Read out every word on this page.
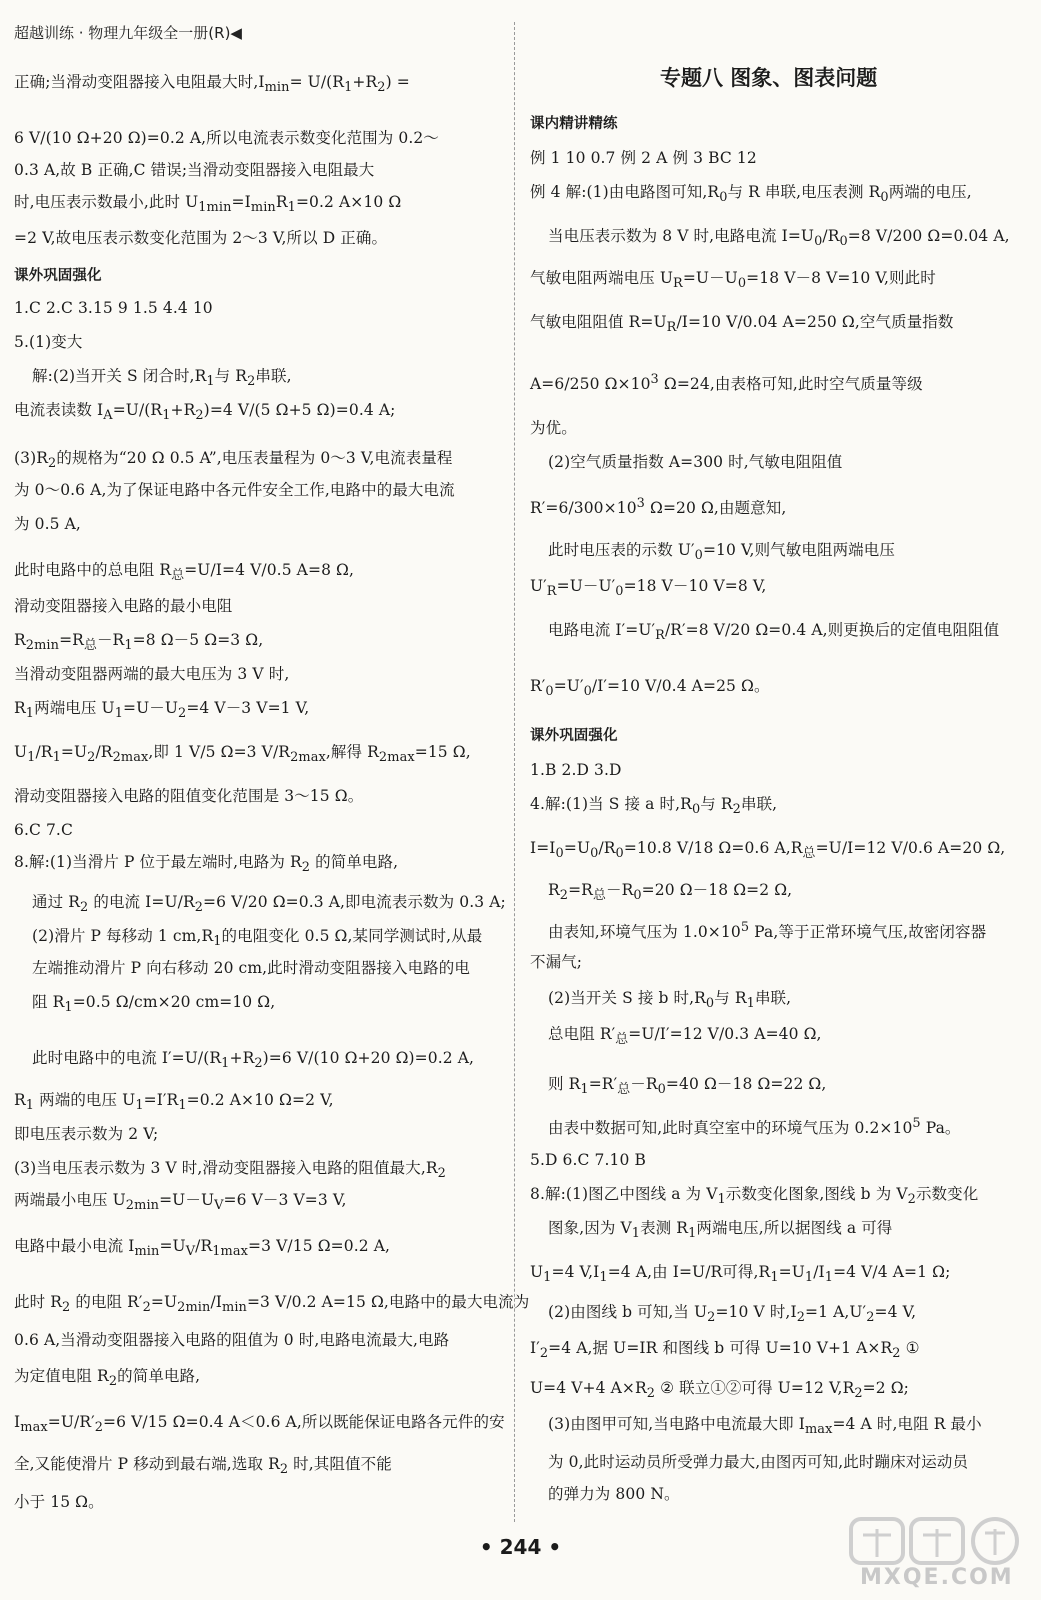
超越训练 · 物理九年级全一册(R)◀
正确;当滑动变阻器接入电阻最大时$,I_{min}= U/(R_1+R_2)$ =
6 V/(10 Ω+20 Ω)=0.2 A,所以电流表示数变化范围为 0.2～
0.3 A,故 B 正确,C 错误;当滑动变阻器接入电阻最大
时,电压表示数最小,此时 $U_{1min}=I_{min}R_1=0.2$ A×10 Ω
=2 V,故电压表示数变化范围为 2～3 V,所以 D 正确。
课外巩固强化
1.C 2.C 3.15 9 1.5 4.4 10
5.(1)变大
解:(2)当开关 S 闭合时$,R_1$与 $R_2$串联,
电流表读数 $I_A=U/(R_1+R_2)=4$ V/(5 Ω+5 Ω)=0.4 A;
$(3)R_2$的规格为“20 Ω 0.5 A”,电压表量程为 0～3 V,电流表量程
为 0～0.6 A,为了保证电路中各元件安全工作,电路中的最大电流
为 0.5 A,
此时电路中的总电阻 $R_总=U/I=4$ V/0.5 A=8 Ω,
滑动变阻器接入电路的最小电阻
$R_{2min}=R_总-R_1=8$ Ω－5 Ω=3 Ω,
当滑动变阻器两端的最大电压为 3 V 时,
$R_1$两端电压 $U_1=U-U_2=4$ V－3 V=1 V,
$U_1/R_1=U_2/R_{2max}$,即 1 V/5 Ω=3 $V/R_{2max}$,解得 $R_{2max}=15$ Ω,
滑动变阻器接入电路的阻值变化范围是 3～15 Ω。
6.C 7.C
8.解:(1)当滑片 P 位于最左端时,电路为 $R_2$ 的简单电路,
通过 $R_2$ 的电流 $I=U/R_2=6$ V/20 Ω=0.3 A,即电流表示数为 0.3 A;
(2)滑片 P 每移动 1 $cm,R_1$的电阻变化 0.5 Ω,某同学测试时,从最
左端推动滑片 P 向右移动 20 cm,此时滑动变阻器接入电路的电
阻 $R_1=0.5$ Ω/cm×20 cm=10 Ω,
此时电路中的电流 $I'=U/(R_1+R_2)=6$ V/(10 Ω+20 Ω)=0.2 A,
$R_1$ 两端的电压 $U_1=I'R_1=0.2$ A×10 Ω=2 V,
即电压表示数为 2 V;
(3)当电压表示数为 3 V 时,滑动变阻器接入电路的阻值最大$,R_2$
两端最小电压 $U_{2min}=U-U_V=6$ V－3 V=3 V,
电路中最小电流 $I_{min}=U_V/R_{1max}=3$ V/15 Ω=0.2 A,
此时 $R_2$ 的电阻 $R'_2=U_{2min}/I_{min}=3$ V/0.2 A=15 Ω,电路中的最大电流为
0.6 A,当滑动变阻器接入电路的阻值为 0 时,电路电流最大,电路
为定值电阻 $R_2$的简单电路,
$I_{max}=U/R'_2=6$ V/15 Ω=0.4 A＜0.6 A,所以既能保证电路各元件的安
全,又能使滑片 P 移动到最右端,选取 $R_2$ 时,其阻值不能
小于 15 Ω。
专题八 图象、图表问题
课内精讲精练
例 1 10 0.7 例 2 A 例 3 BC 12
例 4 解:(1)由电路图可知$,R_0$与 R 串联,电压表测 $R_0$两端的电压,
当电压表示数为 8 V 时,电路电流 $I=U_0/R_0=8$ V/200 Ω=0.04 A,
气敏电阻两端电压 $U_R=U-U_0=18$ V－8 V=10 V,则此时
气敏电阻阻值 $R=U_R/I=10$ V/0.04 A=250 Ω,空气质量指数
A=6/250 $\Omega\times 10^3$ Ω=24,由表格可知,此时空气质量等级
为优。
(2)空气质量指数 A=300 时,气敏电阻阻值
$R'=6/300\times 10^3$ Ω=20 Ω,由题意知,
此时电压表的示数 $U'_0=10$ V,则气敏电阻两端电压
$U'_R=U-U'_0=18$ V－10 V=8 V,
电路电流 $I'=U'_R/R'=8$ V/20 Ω=0.4 A,则更换后的定值电阻阻值
$R'_0=U'_0/I'=10$ V/0.4 A=25 Ω。
课外巩固强化
1.B 2.D 3.D
4.解:(1)当 S 接 a 时$,R_0$与 $R_2$串联,
$I=I_0=U_0/R_0=10.8$ V/18 Ω=0.6 $A,R_总=U/I=12$ V/0.6 A=20 Ω,
$R_2=R_总-R_0=20$ Ω－18 Ω=2 Ω,
由表知,环境气压为 $1.0\times 10^5$ Pa,等于正常环境气压,故密闭容器
不漏气;
(2)当开关 S 接 b 时$,R_0$与 $R_1$串联,
总电阻 $R'_总=U/I'=12$ V/0.3 A=40 Ω,
则 $R_1=R'_总-R_0=40$ Ω－18 Ω=22 Ω,
由表中数据可知,此时真空室中的环境气压为 $0.2\times 10^5$ Pa。
5.D 6.C 7.10 B
8.解:(1)图乙中图线 a 为 $V_1$示数变化图象,图线 b 为 $V_2$示数变化
图象,因为 $V_1$表测 $R_1$两端电压,所以据图线 a 可得
$U_1=4$ $V,I_1=4$ A,由 I=U/R可得$,R_1=U_1/I_1=4$ V/4 A=1 Ω;
(2)由图线 b 可知,当 $U_2=10$ V 时$,I_2=1$ $A,U'_2=4$ V,
$I'_2=4$ A,据 U=IR 和图线 b 可得 U=10 V+1 $A\times R_2$ ①
U=4 V+4 $A\times R_2$ ② 联立①②可得 U=12 $V,R_2=2$ Ω;
(3)由图甲可知,当电路中电流最大即 $I_{max}=4$ A 时,电阻 R 最小
为 0,此时运动员所受弹力最大,由图丙可知,此时蹦床对运动员
的弹力为 800 N。
• 244 •
MXQE.COM
